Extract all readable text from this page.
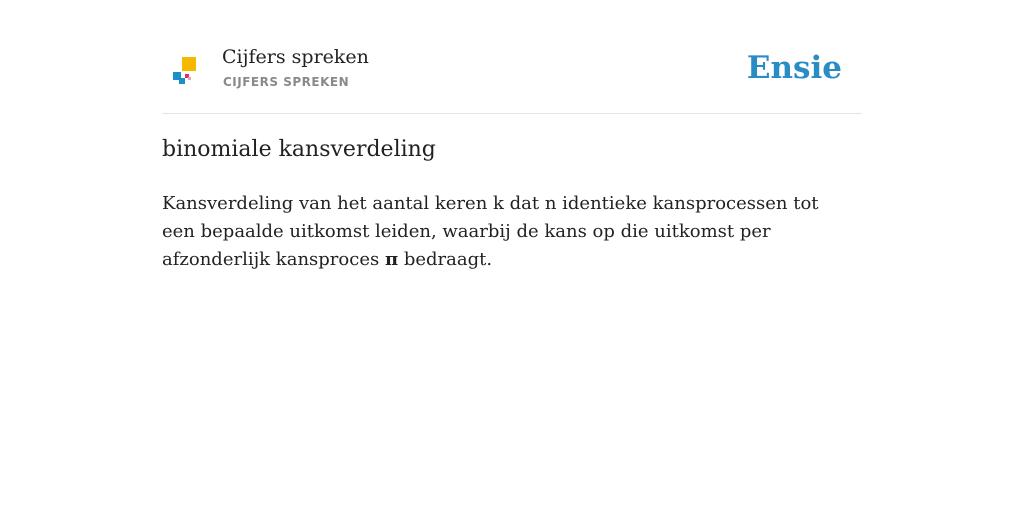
Cijfers spreken
CIJFERS SPREKEN	Ensie
binomiale kansverdeling

Kansverdeling van het aantal keren k dat n identieke kansprocessen tot een bepaalde uitkomst leiden, waarbij de kans op die uitkomst per afzonderlijk kansproces π bedraagt.
